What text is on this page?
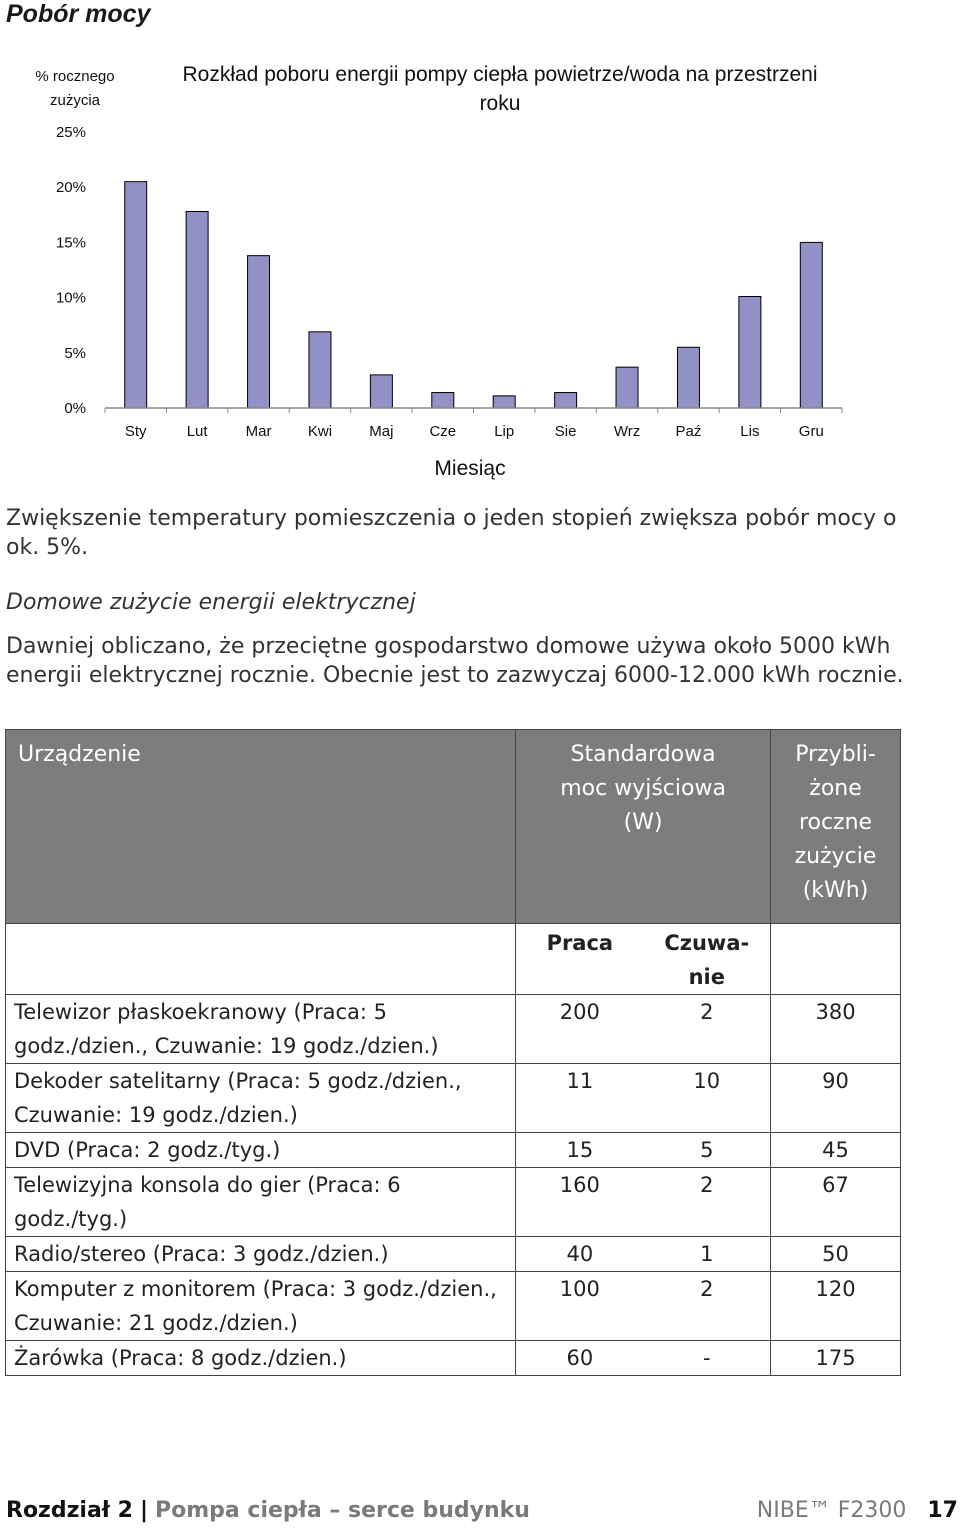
Pobór mocy
% rocznego
zużycia
Rozkład poboru energii pompy ciepła powietrze/woda na przestrzeni
roku
0%
5%
10%
15%
20%
25%
Sty	Lut	Mar Kwi Maj Cze	Lip	Sie Wrz Paź	Lis	Gru
Miesiąc

Zwiększenie temperatury pomieszczenia o jeden stopień zwiększa pobór mocy o ok. 5%.

Domowe zużycie energii elektrycznej

Dawniej obliczano, że przeciętne gospodarstwo domowe używa około 5000 kWh energii elektrycznej rocznie. Obecnie jest to zazwyczaj 6000-12.000 kWh rocznie.

Urządzenie	Standardowa moc wyjściowa (W)		Przybli-żone roczne zużycie (kWh)
	Praca	Czuwa-nie	
Telewizor płaskoekranowy (Praca: 5 godz./dzien., Czuwanie: 19 godz./dzien.)	200	2	380
Dekoder satelitarny (Praca: 5 godz./dzien., Czuwanie: 19 godz./dzien.)	11	10	90
DVD (Praca: 2 godz./tyg.)	15	5	45
Telewizyjna konsola do gier (Praca: 6 godz./tyg.)	160	2	67
Radio/stereo (Praca: 3 godz./dzien.)	40	1	50
Komputer z monitorem (Praca: 3 godz./dzien., Czuwanie: 21 godz./dzien.)	100	2	120
Żarówka (Praca: 8 godz./dzien.)	60	-	175
Rozdział 2 | Pompa ciepła – serce budynku	NIBE™ F2300 17
